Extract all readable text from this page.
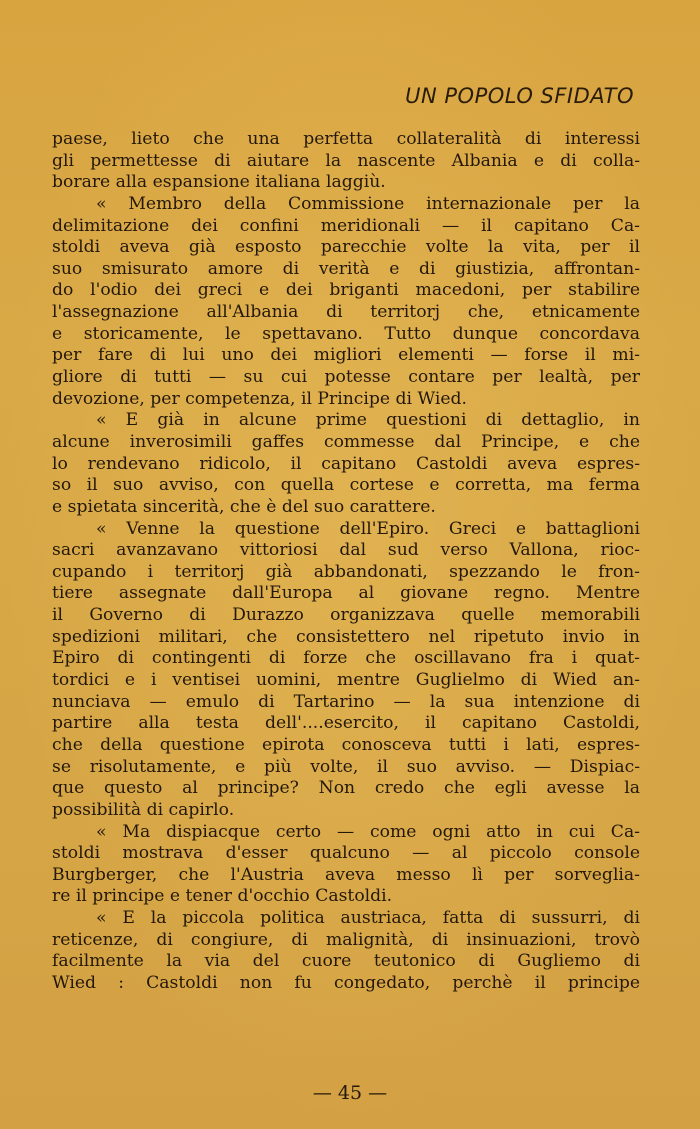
UN POPOLO SFIDATO
paese, lieto che una perfetta collateralità di interessi
gli permettesse di aiutare la nascente Albania e di colla-
borare alla espansione italiana laggiù.
« Membro della Commissione internazionale per la
delimitazione dei confini meridionali — il capitano Ca-
stoldi aveva già esposto parecchie volte la vita, per il
suo smisurato amore di verità e di giustizia, affrontan-
do l'odio dei greci e dei briganti macedoni, per stabilire
l'assegnazione all'Albania di territorj che, etnicamente
e storicamente, le spettavano. Tutto dunque concordava
per fare di lui uno dei migliori elementi — forse il mi-
gliore di tutti — su cui potesse contare per lealtà, per
devozione, per competenza, il Principe di Wied.
« E già in alcune prime questioni di dettaglio, in
alcune inverosimili gaffes commesse dal Principe, e che
lo rendevano ridicolo, il capitano Castoldi aveva espres-
so il suo avviso, con quella cortese e corretta, ma ferma
e spietata sincerità, che è del suo carattere.
« Venne la questione dell'Epiro. Greci e battaglioni
sacri avanzavano vittoriosi dal sud verso Vallona, rioc-
cupando i territorj già abbandonati, spezzando le fron-
tiere assegnate dall'Europa al giovane regno. Mentre
il Governo di Durazzo organizzava quelle memorabili
spedizioni militari, che consistettero nel ripetuto invio in
Epiro di contingenti di forze che oscillavano fra i quat-
tordici e i ventisei uomini, mentre Guglielmo di Wied an-
nunciava — emulo di Tartarino — la sua intenzione di
partire alla testa dell'....esercito, il capitano Castoldi,
che della questione epirota conosceva tutti i lati, espres-
se risolutamente, e più volte, il suo avviso. — Dispiac-
que questo al principe? Non credo che egli avesse la
possibilità di capirlo.
« Ma dispiacque certo — come ogni atto in cui Ca-
stoldi mostrava d'esser qualcuno — al piccolo console
Burgberger, che l'Austria aveva messo lì per sorveglia-
re il principe e tener d'occhio Castoldi.
« E la piccola politica austriaca, fatta di sussurri, di
reticenze, di congiure, di malignità, di insinuazioni, trovò
facilmente la via del cuore teutonico di Gugliemo di
Wied : Castoldi non fu congedato, perchè il principe
— 45 —
